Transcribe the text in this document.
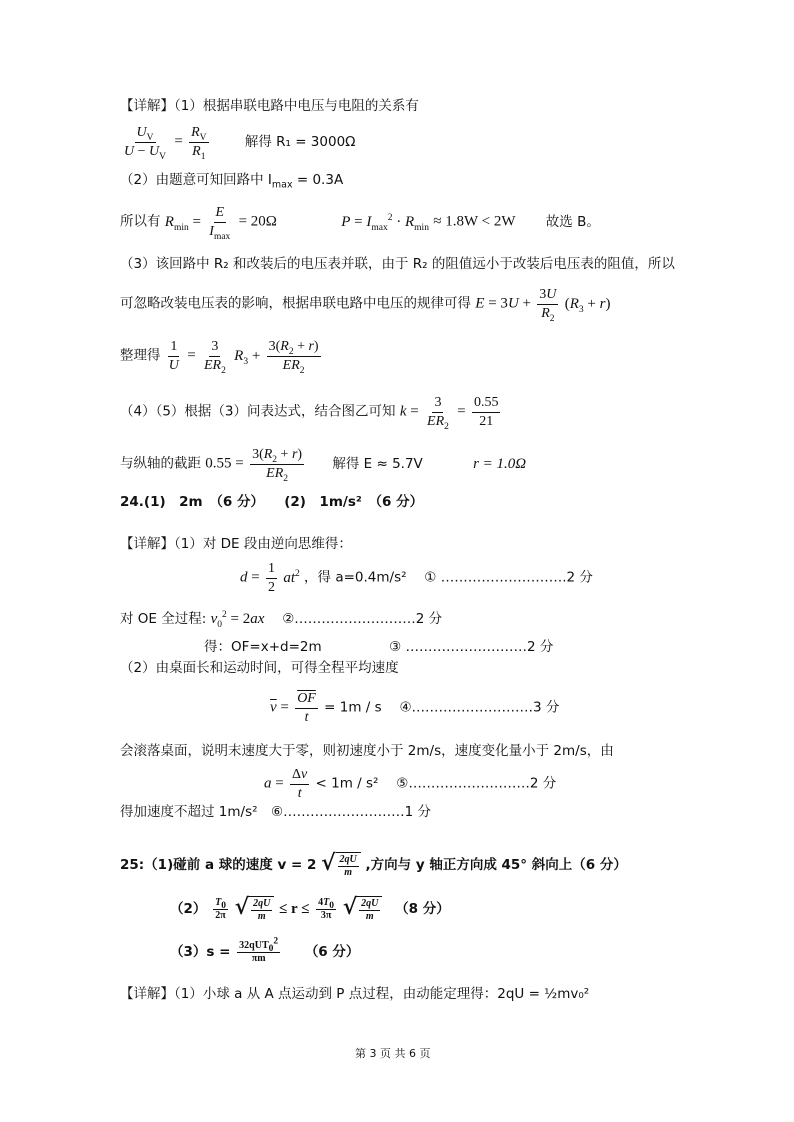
【详解】（1）根据串联电路中电压与电阻的关系有
$\frac{U_V}{U - U_V} = \frac{R_V}{R_1}$	解得 R₁ = 3000Ω
（2）由题意可知回路中 $I_{max} = 0.3A$
所以有 $R_{min} = \frac{E}{I_{max}} = 20\Omega$	$P = I_{max}^2 \cdot R_{min} \approx 1.8W < 2W$ 故选 B。
（3）该回路中 R₂ 和改装后的电压表并联，由于 R₂ 的阻值远小于改装后电压表的阻值，所以
可忽略改装电压表的影响，根据串联电路中电压的规律可得 $E = 3U + \frac{3U}{R_2} (R_3 + r)$
整理得 $\frac{1}{U} = \frac{3}{ER_2} R_3 + \frac{3(R_2 + r)}{ER_2}$
（4）（5）根据（3）问表达式，结合图乙可知 $k = \frac{3}{ER_2} = \frac{0.55}{21}$
与纵轴的截距 $0.55 = \frac{3(R_2 + r)}{ER_2}$ 解得 E ≈ 5.7V	r = 1.0Ω
24.(1)　2m　（6 分）　　(2)　1m/s²　（6 分）
【详解】（1）对 DE 段由逆向思维得：
$d = \frac{1}{2} at^2$ ，得 a=0.4m/s²　 ① ……………………….2 分
对 OE 全过程: $v_0^2 = 2ax$ 　②………………………2 分
得：OF=x+d=2m　　　　　③ ………………………2 分
（2）由桌面长和运动时间，可得全程平均速度
$\overline{v} = \frac{\overline{OF}}{t} = 1m / s$　 ④………………………3 分
会滚落桌面，说明末速度大于零，则初速度小于 2m/s，速度变化量小于 2m/s，由
$a = \frac{\Delta v}{t} < 1m / s^2$　 ⑤………………………2 分
得加速度不超过 1m/s²　⑥………………………1 分
25:（1)碰前 a 球的速度 v = 2 √ $\frac{2qU}{m}$ ,方向与 y 轴正方向成 45° 斜向上（6 分）
$(2) \frac{T_0}{2\pi}$
√ $\frac{2qU}{m} \le r \le \frac{4T_0}{3\pi}$
√ $\frac{2qU}{m} (8$ 分）
$(3)s = \frac{32qUT_0^2}{\pi m} (6$ 分）
【详解】（1）小球 a 从 A 点运动到 P 点过程，由动能定理得：2qU = ½mv₀²
第 3 页 共 6 页
